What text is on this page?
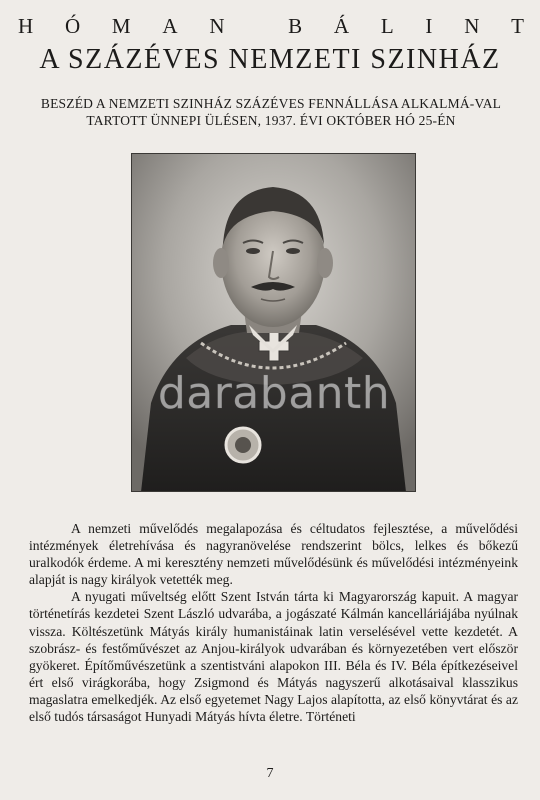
H Ó M A N	B Á L I N T
A SZÁZÉVES NEMZETI SZINHÁZ
BESZÉD A NEMZETI SZINHÁZ SZÁZÉVES FENNÁLLÁSA ALKALMÁ-VAL TARTOTT ÜNNEPI ÜLÉSEN, 1937. ÉVI OKTÓBER HÓ 25-ÉN
darabanth

A nemzeti művelődés megalapozása és céltudatos fejlesztése, a művelődési intézmények életrehívása és nagyranövelése rendszerint bölcs, lelkes és bőkezű uralkodók érdeme. A mi keresztény nemzeti művelődésünk és művelődési intézményeink alapját is nagy királyok vetették meg.

A nyugati műveltség előtt Szent István tárta ki Magyarország kapuit. A magyar történetírás kezdetei Szent László udvarába, a jogászaté Kálmán kancelláriájába nyúlnak vissza. Költészetünk Mátyás király humanistáinak latin verselésével vette kezdetét. A szobrász- és festőművészet az Anjou-királyok udvarában és környezetében vert először gyökeret. Építőművészetünk a szentistváni alapokon III. Béla és IV. Béla építkezéseivel ért első virágkorába, hogy Zsigmond és Mátyás nagyszerű alkotásaival klasszikus magaslatra emelkedjék. Az első egyetemet Nagy Lajos alapította, az első könyvtárat és az első tudós társaságot Hunyadi Mátyás hívta életre. Történeti

7
